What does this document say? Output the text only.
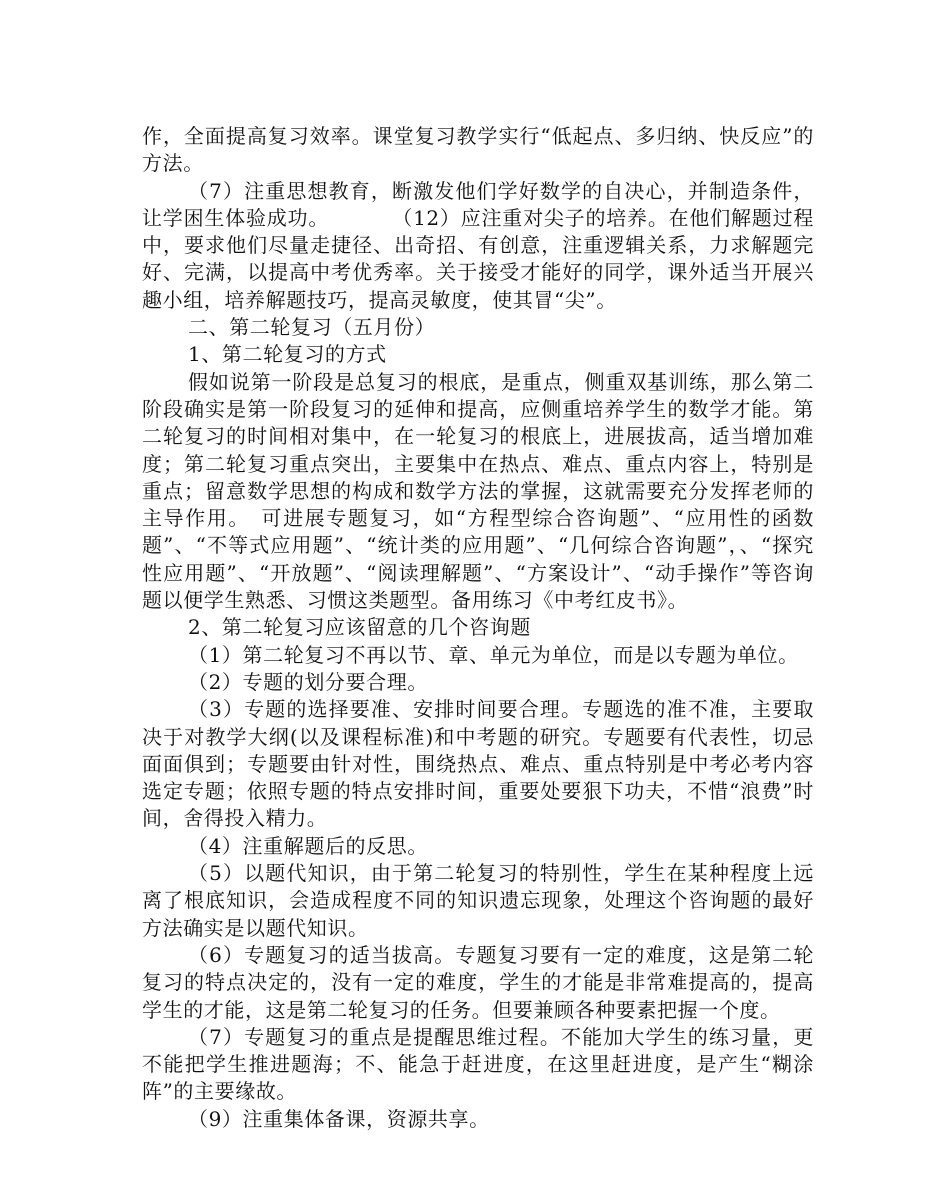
作，全面提高复习效率。课堂复习教学实行“低起点、多归纳、快反应”的方法。

（7）注重思想教育，断激发他们学好数学的自决心，并制造条件，让学困生体验成功。　　　　（12）应注重对尖子的培养。在他们解题过程中，要求他们尽量走捷径、出奇招、有创意，注重逻辑关系，力求解题完好、完满，以提高中考优秀率。关于接受才能好的同学，课外适当开展兴趣小组，培养解题技巧，提高灵敏度，使其冒“尖”。

二、第二轮复习（五月份）

1、第二轮复习的方式

假如说第一阶段是总复习的根底，是重点，侧重双基训练，那么第二阶段确实是第一阶段复习的延伸和提高，应侧重培养学生的数学才能。第二轮复习的时间相对集中，在一轮复习的根底上，进展拔高，适当增加难度；第二轮复习重点突出，主要集中在热点、难点、重点内容上，特别是重点；留意数学思想的构成和数学方法的掌握，这就需要充分发挥老师的主导作用。　可进展专题复习，如“方程型综合咨询题”、“应用性的函数题”、“不等式应用题”、“统计类的应用题”、“几何综合咨询题”，、“探究性应用题”、“开放题”、“阅读理解题”、“方案设计”、“动手操作”等咨询题以便学生熟悉、习惯这类题型。备用练习《中考红皮书》。

2、第二轮复习应该留意的几个咨询题

（1）第二轮复习不再以节、章、单元为单位，而是以专题为单位。

（2）专题的划分要合理。

（3）专题的选择要准、安排时间要合理。专题选的准不准，主要取决于对教学大纲(以及课程标准)和中考题的研究。专题要有代表性，切忌面面俱到；专题要由针对性，围绕热点、难点、重点特别是中考必考内容选定专题；依照专题的特点安排时间，重要处要狠下功夫，不惜“浪费”时间，舍得投入精力。

（4）注重解题后的反思。

（5）以题代知识，由于第二轮复习的特别性，学生在某种程度上远离了根底知识，会造成程度不同的知识遗忘现象，处理这个咨询题的最好方法确实是以题代知识。

（6）专题复习的适当拔高。专题复习要有一定的难度，这是第二轮复习的特点决定的，没有一定的难度，学生的才能是非常难提高的，提高学生的才能，这是第二轮复习的任务。但要兼顾各种要素把握一个度。

（7）专题复习的重点是提醒思维过程。不能加大学生的练习量，更不能把学生推进题海；不、能急于赶进度，在这里赶进度，是产生“糊涂阵”的主要缘故。

（9）注重集体备课，资源共享。
